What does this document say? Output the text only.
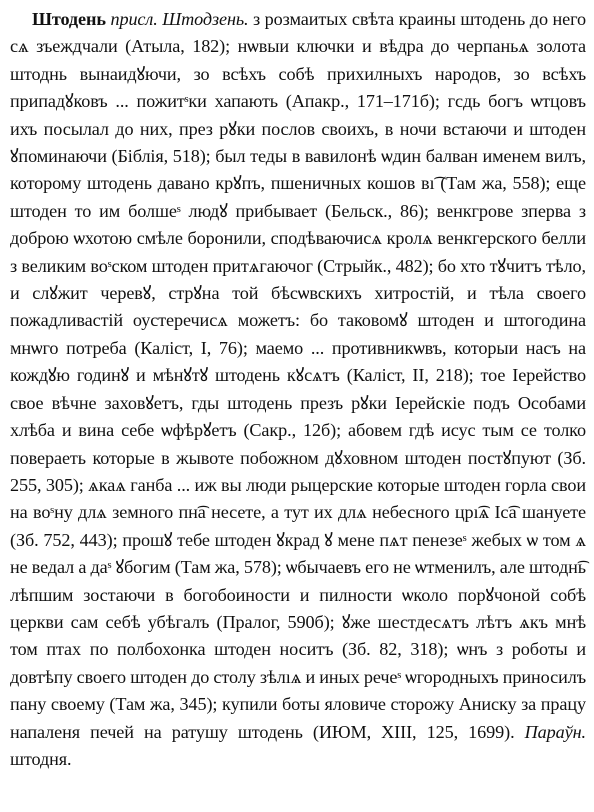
Штодень присл. Штодзень. з розмаитых свѣта краины штодень до него сѧ зъеждчали (Атыла, 182); нѡвыи ключки и вѣдра до черпаньѧ золота штоднь вынаидꙋючи, зо всѣхъ собѣ прихилныхъ народов, зо всѣхъ припадꙋковъ ... пожитˢки хапають (Апакр., 171–171б); гсдь богъ ѡтцовъ ихъ посылал до них, през рꙋки послов своихъ, в ночи встаючи и штоден ꙋпоминаючи (Біблія, 518); был теды в вавилонѣ ѡдин балван именем вилъ, которому штодень давано крꙋпъ, пшеничных кошов вı͡ (Там жа, 558); еще штоден то им болшеˢ людꙋ прибываeт (Бельск., 86); венкгрове зперва з доброю ѡхотою смѣле боронили, сподѣваючисѧ кролѧ венкгерского белли з великим воˢском штоден притѧгаючог (Стрыйк., 482); бо хто тꙋчитъ тѣло, и слꙋжит черевꙋ, стрꙋна той бѣсѡвскихъ хитростій, и тѣла своего пожадливастій оустеречисѧ можетъ: бо таковомꙋ штоден и штогодина мнѡго потреба (Каліст, І, 76); маемо ... противникѡвъ, которыи насъ на кождꙋю годинꙋ и мѣнꙋтꙋ штодень кꙋсѧтъ (Каліст, ІІ, 218); тое Іерейство свое вѣчне заховꙋетъ, гды штодень презъ рꙋки Іерейскіе подъ Особами хлѣба и вина себе ѡфѣрꙋетъ (Сакр., 12б); абовем гдѣ исус тым се толко повераеть которые в жывоте побожном дꙋховном штоден постꙋпуют (Зб. 255, 305); ѧкаѧ ганба ... иж вы люди рыцерские которые штоден горла свои на воˢну длѧ земного пн͡а несете, а тут их длѧ небесного црı͡ѧ Іс͡а шануете (Зб. 752, 443); прошꙋ тебе штоден ꙋкрад ꙋ мене пѧт пенезеˢ жебых ѡ том ѧ не ведал а даˢ ꙋбогим (Там жа, 578); ѡбычаевъ его не ѡтменилъ, але штодн͡ь лѣпшим зостаючи в богобоиности и пилности ѡколо порꙋчоной собѣ церкви сам себѣ убѣгалъ (Пралог, 590б); ꙋже шестдесѧтъ лѣтъ ѧкъ мнѣ том птах по полбохонка штоден носитъ (Зб. 82, 318); ѡнъ з роботы и довтѣпу своего штоден до столу зѣлıѧ и иных речеˢ ѡгородныхъ приносилъ пану своему (Там жа, 345); купили боты яловиче сторожу Аниску за працу напаленя печей на ратушу штодень (ИЮМ, XIII, 125, 1699). Параўн. штодня.
